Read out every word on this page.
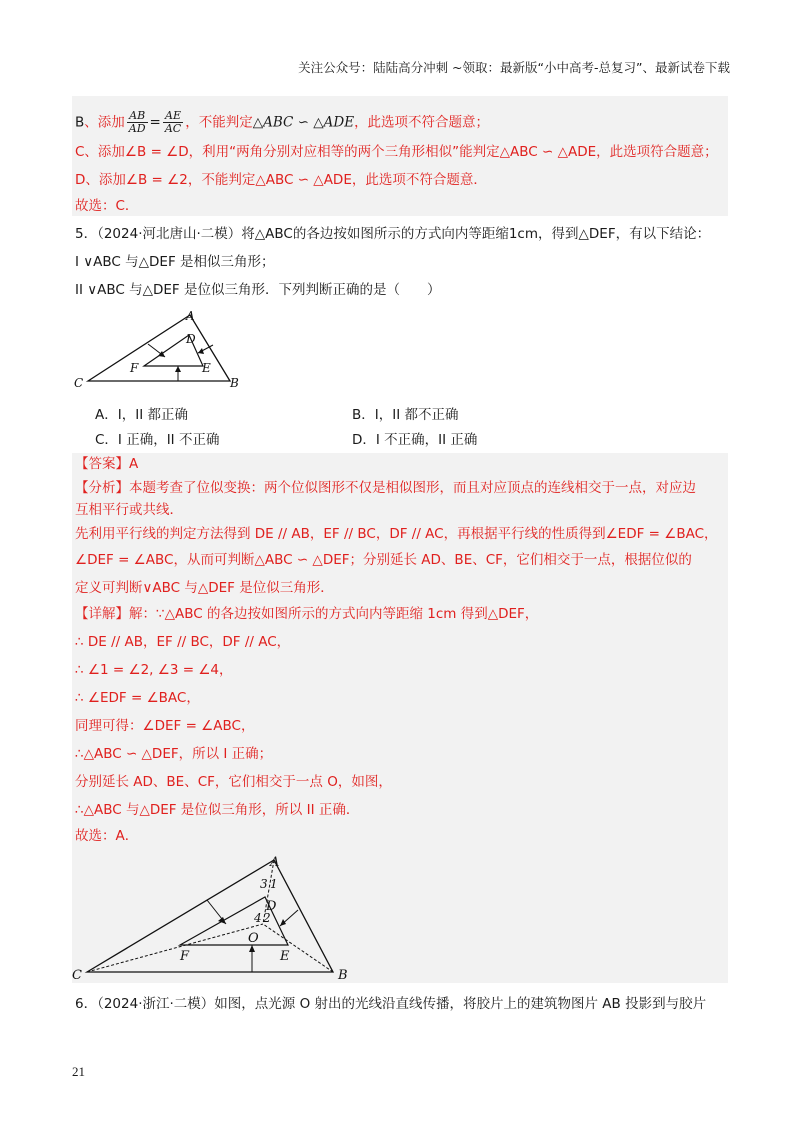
关注公众号：陆陆高分冲刺 ~领取：最新版“小中高考-总复习”、最新试卷下载
B、添加 $\frac{AB}{AD} = \frac{AE}{AC}$ ，不能判定△ABC ∽ △ADE，此选项不符合题意；
C、添加∠B = ∠D，利用“两角分别对应相等的两个三角形相似”能判定△ABC ∽ △ADE，此选项符合题意；
D、添加∠B = ∠2，不能判定△ABC ∽ △ADE，此选项不符合题意．
故选：C．
5．（2024·河北唐山·二模）将△ABC的各边按如图所示的方式向内等距缩1cm，得到△DEF，有以下结论：
I ∨ABC 与△DEF 是相似三角形；
II ∨ABC 与△DEF 是位似三角形．下列判断正确的是（　　）
A
B
C
D
E
F
A．I，II 都正确	B．I，II 都不正确
C．I 正确，II 不正确	D．I 不正确，II 正确
【答案】A
【分析】本题考查了位似变换：两个位似图形不仅是相似图形，而且对应顶点的连线相交于一点，对应边
互相平行或共线．
先利用平行线的判定方法得到 DE // AB，EF // BC，DF // AC，再根据平行线的性质得到∠EDF = ∠BAC，
∠DEF = ∠ABC，从而可判断△ABC ∽ △DEF；分别延长 AD、BE、CF，它们相交于一点，根据位似的
定义可判断∨ABC 与△DEF 是位似三角形．
【详解】解：∵△ABC 的各边按如图所示的方式向内等距缩 1cm 得到△DEF，
∴ DE // AB，EF // BC，DF // AC，
∴ ∠1 = ∠2, ∠3 = ∠4，
∴ ∠EDF = ∠BAC，
同理可得：∠DEF = ∠ABC，
∴△ABC ∽ △DEF，所以 I 正确；
分别延长 AD、BE、CF，它们相交于一点 O，如图，
∴△ABC 与△DEF 是位似三角形，所以 II 正确．
故选：A．
A
B
C
D
E
F
O
1
3
4 2
6．（2024·浙江·二模）如图，点光源 O 射出的光线沿直线传播，将胶片上的建筑物图片 AB 投影到与胶片
21
